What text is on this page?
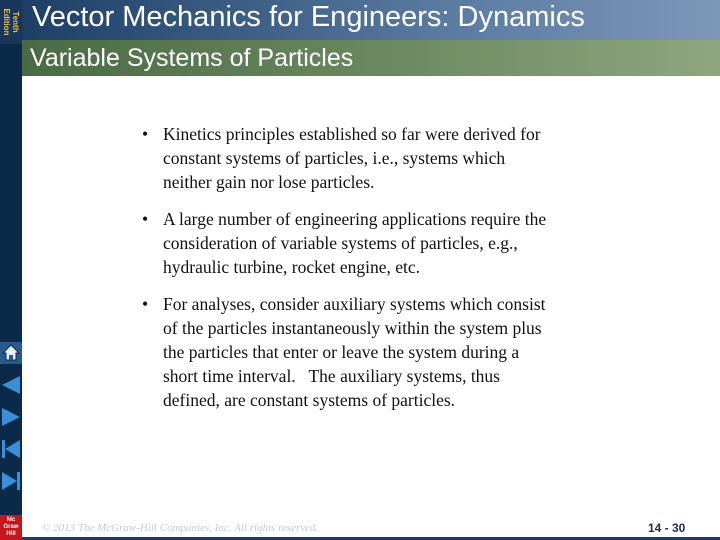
Tenth
Edition
Mc
Graw
Hill
Vector Mechanics for Engineers: Dynamics
Variable Systems of Particles
• Kinetics principles established so far were derived for
constant systems of particles, i.e., systems which
neither gain nor lose particles.
• A large number of engineering applications require the
consideration of variable systems of particles, e.g.,
hydraulic turbine, rocket engine, etc.
• For analyses, consider auxiliary systems which consist
of the particles instantaneously within the system plus
the particles that enter or leave the system during a
short time interval.   The auxiliary systems, thus
defined, are constant systems of particles.
© 2013 The McGraw-Hill Companies, Inc. All rights reserved.	14 - 30
